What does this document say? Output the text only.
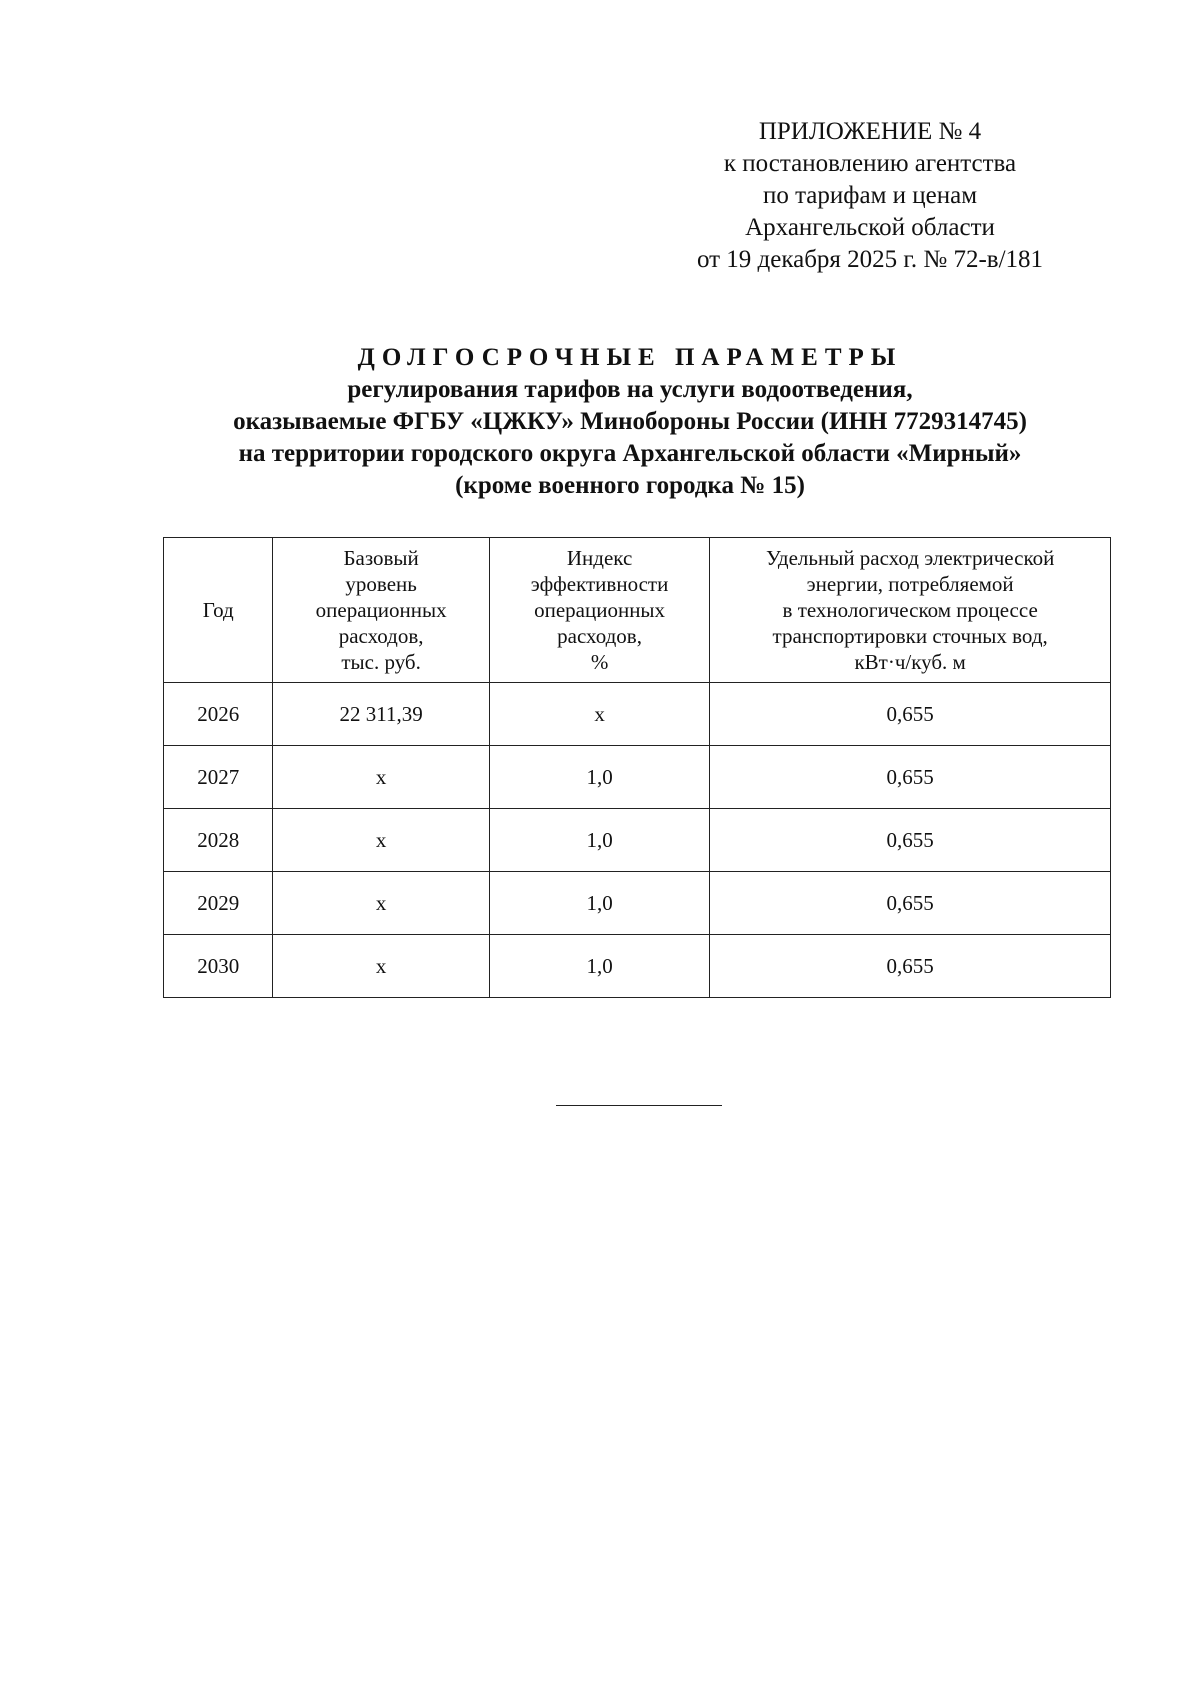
ПРИЛОЖЕНИЕ № 4
к постановлению агентства
по тарифам и ценам
Архангельской области
от 19 декабря 2025 г. № 72-в/181
ДОЛГОСРОЧНЫЕ ПАРАМЕТРЫ
регулирования тарифов на услуги водоотведения,
оказываемые ФГБУ «ЦЖКУ» Минобороны России (ИНН 7729314745)
на территории городского округа Архангельской области «Мирный»
(кроме военного городка № 15)
Год	Базовый
уровень
операционных
расходов,
тыс. руб.	Индекс
эффективности
операционных
расходов,
%	Удельный расход электрической
энергии, потребляемой
в технологическом процессе
транспортировки сточных вод,
кВт·ч/куб. м

2026	22 311,39	х	0,655
2027	х	1,0	0,655
2028	х	1,0	0,655
2029	х	1,0	0,655
2030	х	1,0	0,655
